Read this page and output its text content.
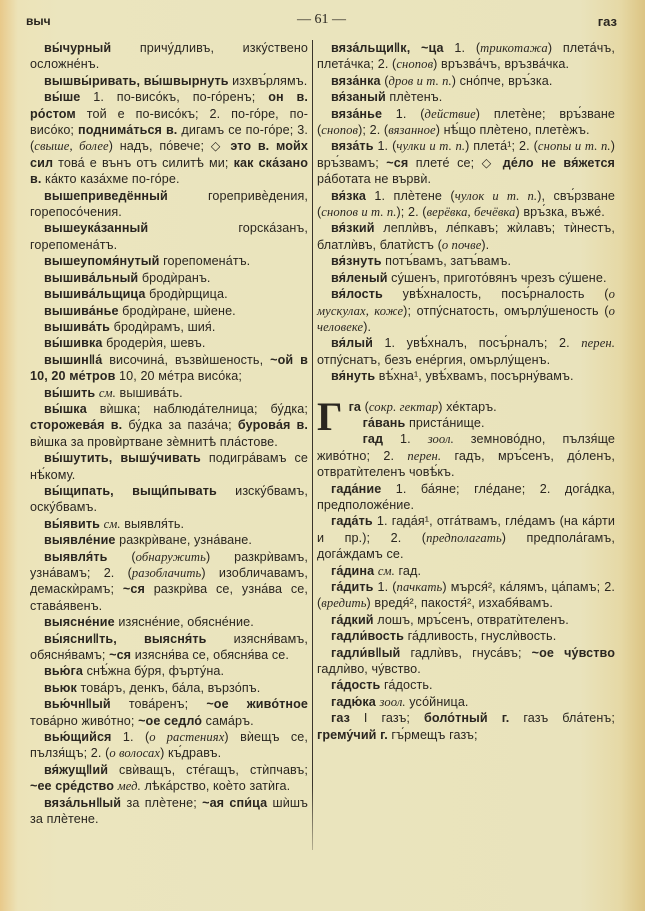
выч	— 61 —	газ

вы́чурный причу́дливъ, изку́ствено осложне́нъ.

вышвы́ривать, вы́швырнуть изхвъ́рлямъ.

вы́ше 1. по-висо́къ, по-го́ренъ; он в. ро́стом той е по-висо́къ; 2. по-го́ре, по-висо́ко; поднима́ться в. дигамъ се по-го́ре; 3. (свыше, более) надъ, по́вече; ◇ это в. мойх сил това́ е вънъ отъ силитѣ ми; как ска́зано в. ка́кто каза́хме по-го́ре.

вышеприведённый горепривѐдения, горепосо́чения.

вышеука́занный горска́занъ, горепомена́тъ.

вышеупомя́нутый горепомена́тъ.

вышива́льный бродѝранъ.

вышива́льщица бродѝрщица.

вышива́нье бродѝране, шѝене.

вышива́ть бродѝрамъ, шия́.

вы́шивка бродерѝя, шевъ.

вышин‖а́ височина́, възвѝшеность, ~ой в 10, 20 ме́тров 10, 20 ме́тра висо́ка;

вы́шить см. вышива́ть.

вы́шка вѝшка; наблюда́телница; бу́дка; сторожева́я в. бу́дка за паза́ча; бурова́я в. вѝшка за провѝртване зѐмнитѣ пла́стове.

вы́шутить, вышу́чивать подигра́вамъ се нѣ́кому.

вы́щипать, выщи́пывать изску́бвамъ, оску́бвамъ.

вы́явить см. выявля́ть.

выявле́ние разкрѝване, узна́ване.

выявля́ть (обнаружить) разкрѝвамъ, узна́вамъ; 2. (разоблачить) изобличавамъ, демаскѝрамъ; ~ся разкрѝва се, узна́ва се, става́явенъ.

выясне́ние изясне́ние, обясне́ние.

вы́ясни‖ть, выясня́ть изясня́вамъ, обясня́вамъ; ~ся изясня́ва се, обясня́ва се.

вью́га снѣ́жна бу́ря, фърту́на.

вьюк това́ръ, денкъ, ба́ла, вързо́пъ.

вью́чн‖ый това́ренъ; ~ое живо́тное това́рно живо́тно; ~ое седло́ сама́ръ.

вью́щийся 1. (о растениях) вѝещъ се, пълзя́щъ; 2. (о волосах) къ́дравъ.

вя́жущ‖ий свѝващъ, сте́гащъ, стѝпчавъ; ~ее сре́дство мед. лѣка́рство, коѐто затѝга.

вяза́льн‖ый за плѐтене; ~ая спи́ца шѝшъ за плѐтене.

вяза́льщи‖к, ~ца 1. (трикотажа) плета́чъ, плета́чка; 2. (снопов) връзва́чъ, връзва́чка.

вяза́нка (дров и т. п.) сно́пче, връ́зка.

вя́заный плѐтенъ.

вяза́нье 1. (действие) плетѐне; връ́зване (снопов); 2. (вязанное) нѣ́що плѐтено, плетѐжъ.

вяза́ть 1. (чулки и т. п.) плета́¹; 2. (снопы и т. п.) връ́звамъ; ~ся плете́ се; ◇ де́ло не вя́жется ра́ботата не вървѝ.

вя́зка 1. плѐтене (чулок и т. п.), свъ́рзване (снопов и т. п.); 2. (верёвка, бечёвка) връ́зка, въже́.

вя́зкий леплѝвъ, ле́пкавъ; жѝлавъ; тѝнестъ, блатлѝвъ, блатѝстъ (о почве).

вя́знуть потъ́вамъ, затъ́вамъ.

вя́леный су́шенъ, пригото́вянъ чрезъ су́шене.

вя́лость увѣ́хналость, посъ́рналость (о мускулах, коже); отпу́снатость, омърлу́шеность (о человеке).

вя́лый 1. увѣ́хналъ, посъ́рналъ; 2. перен. отпу́снатъ, безъ ене́ргия, омърлу́щенъ.

вя́нуть вѣ́хна¹, увѣ́хвамъ, посърну́вамъ.

Г га (сокр. гектар) хе́ктаръ.

га́вань приста́нище.

гад 1. зоол. земново́дно, пълзя́ще живо́тно; 2. перен. гадъ, мръ́сенъ, до́ленъ, отвратѝтеленъ човѣ́къ.

гада́ние 1. ба́яне; гле́дане; 2. дога́дка, предположе́ние.

гада́ть 1. гада́я¹, отга́твамъ, гле́дамъ (на ка́рти и пр.); 2. (предполагать) предпола́гамъ, дога́ждамъ се.

га́дина см. гад.

га́дить 1. (пачкать) мърся́², ка́лямъ, ца́памъ; 2. (вредить) вредя́², пакостя́², изхабя́вамъ.

га́дкий лошъ, мръ́сенъ, отвратѝтеленъ.

гадли́вость га́дливость, гнуслѝвость.

гадли́в‖ый гадлѝвъ, гнуса́въ; ~ое чу́вство гадлѝво, чу́вство.

га́дость га́дость.

гадю́ка зоол. усо́йница.

газ I газъ; боло́тный г. газъ бла́тенъ; грему́чий г. гъ́рмещъ газъ;
